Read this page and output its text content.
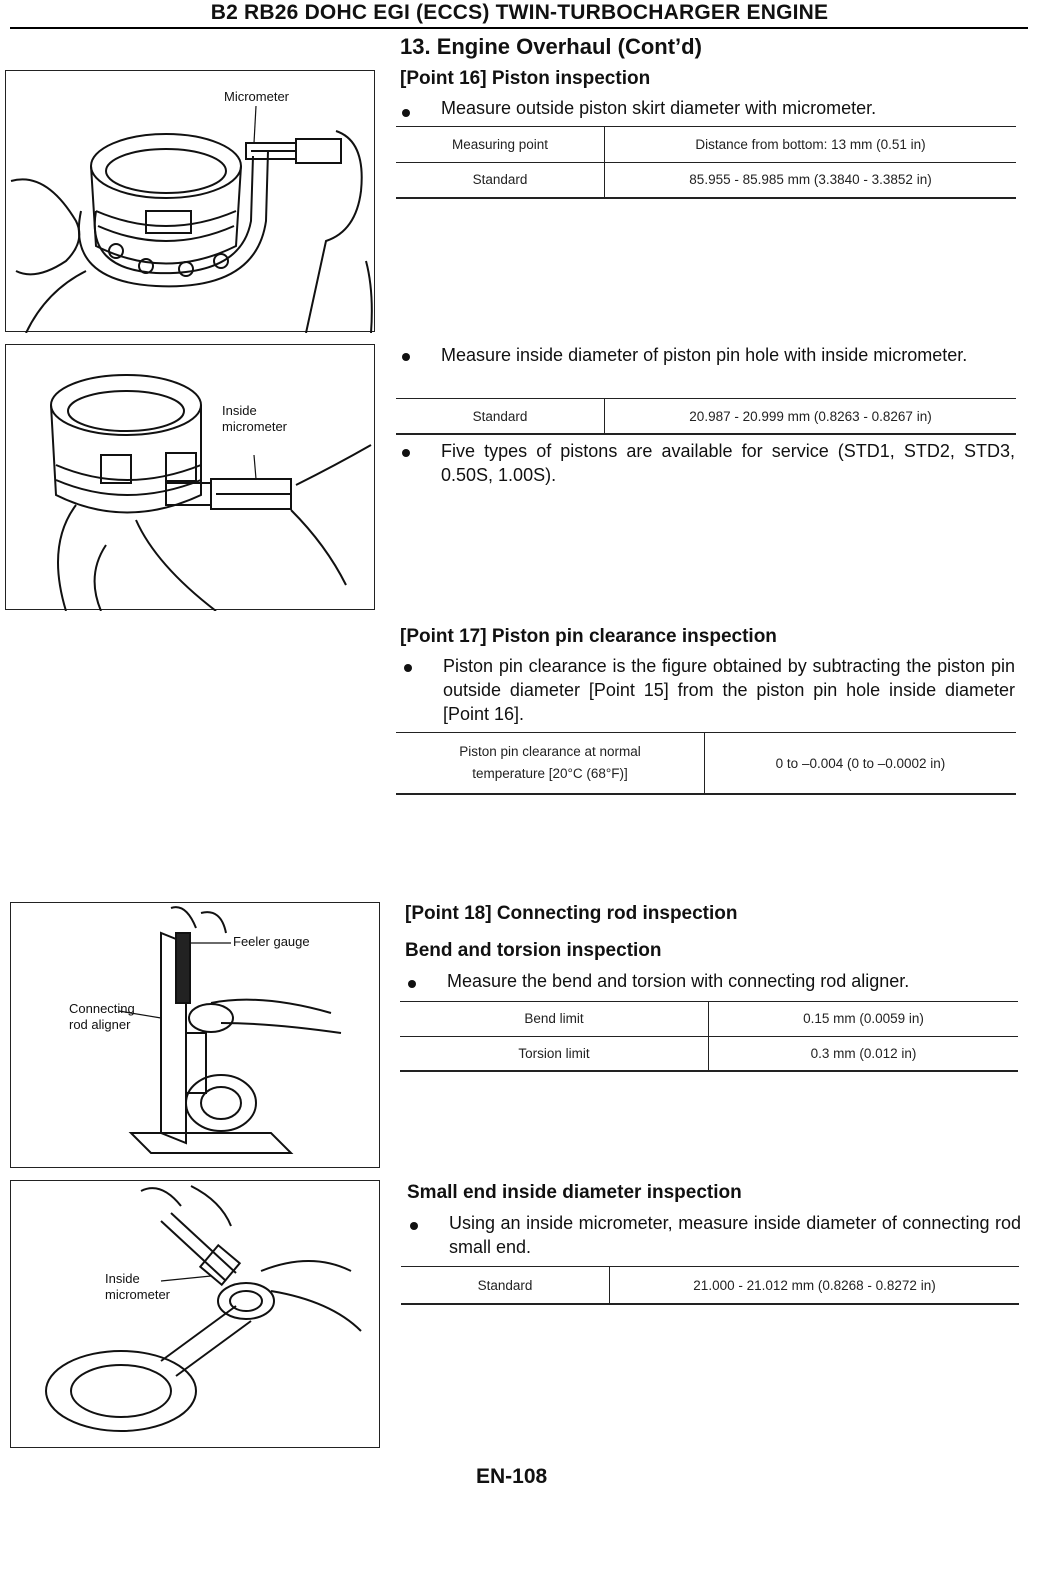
B2 RB26 DOHC EGI (ECCS) TWIN-TURBOCHARGER ENGINE
13. Engine Overhaul (Cont’d)
Micrometer
[Point 16] Piston inspection
Measure outside piston skirt diameter with micrometer.
Measuring point	Distance from bottom: 13 mm (0.51 in)
Standard	85.955 - 85.985 mm (3.3840 - 3.3852 in)
Inside
micrometer
Measure inside diameter of piston pin hole with inside micrometer.
Standard	20.987 - 20.999 mm (0.8263 - 0.8267 in)
Five types of pistons are available for service (STD1, STD2, STD3, 0.50S, 1.00S).
[Point 17] Piston pin clearance inspection
Piston pin clearance is the figure obtained by subtracting the piston pin outside diameter [Point 15] from the piston pin hole inside diameter [Point 16].
Piston pin clearance at normal
temperature [20°C (68°F)]
	0 to –0.004 (0 to –0.0002 in)
Feeler gauge
Connecting
rod aligner
[Point 18] Connecting rod inspection
Bend and torsion inspection
Measure the bend and torsion with connecting rod aligner.
Bend limit	0.15 mm (0.0059 in)
Torsion limit	0.3 mm (0.012 in)
Inside
micrometer
Small end inside diameter inspection
Using an inside micrometer, measure inside diameter of connecting rod small end.
Standard	21.000 - 21.012 mm (0.8268 - 0.8272 in)
EN-108
